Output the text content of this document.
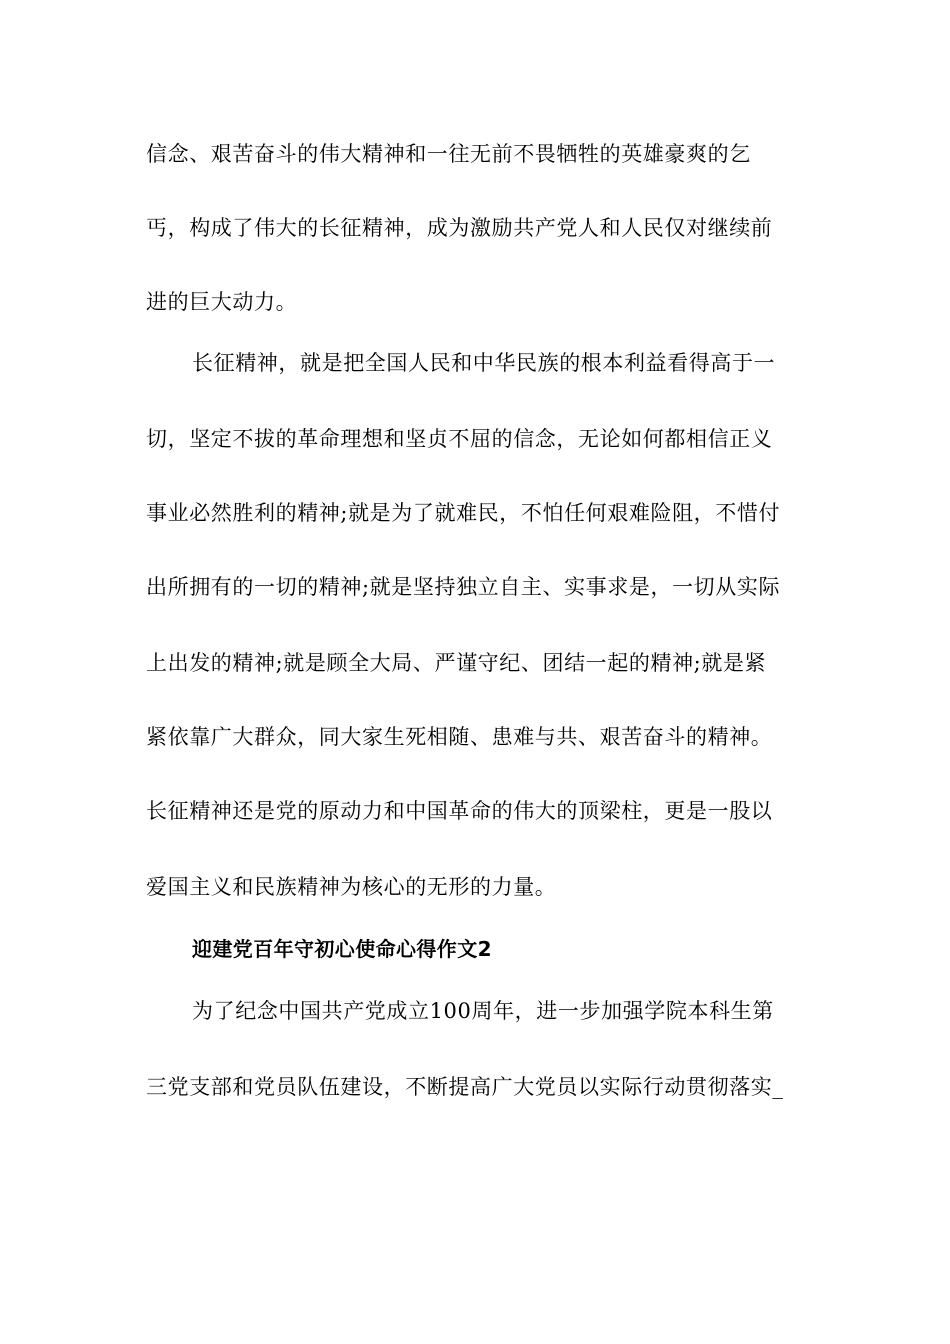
信念、艰苦奋斗的伟大精神和一往无前不畏牺牲的英雄豪爽的乞
丐，构成了伟大的长征精神，成为激励共产党人和人民仅对继续前
进的巨大动力。
长征精神，就是把全国人民和中华民族的根本利益看得高于一
切，坚定不拔的革命理想和坚贞不屈的信念，无论如何都相信正义
事业必然胜利的精神;就是为了就难民，不怕任何艰难险阻，不惜付
出所拥有的一切的精神;就是坚持独立自主、实事求是，一切从实际
上出发的精神;就是顾全大局、严谨守纪、团结一起的精神;就是紧
紧依靠广大群众，同大家生死相随、患难与共、艰苦奋斗的精神。
长征精神还是党的原动力和中国革命的伟大的顶梁柱，更是一股以
爱国主义和民族精神为核心的无形的力量。
迎建党百年守初心使命心得作文2
为了纪念中国共产党成立100周年，进一步加强学院本科生第
三党支部和党员队伍建设，不断提高广大党员以实际行动贯彻落实_
